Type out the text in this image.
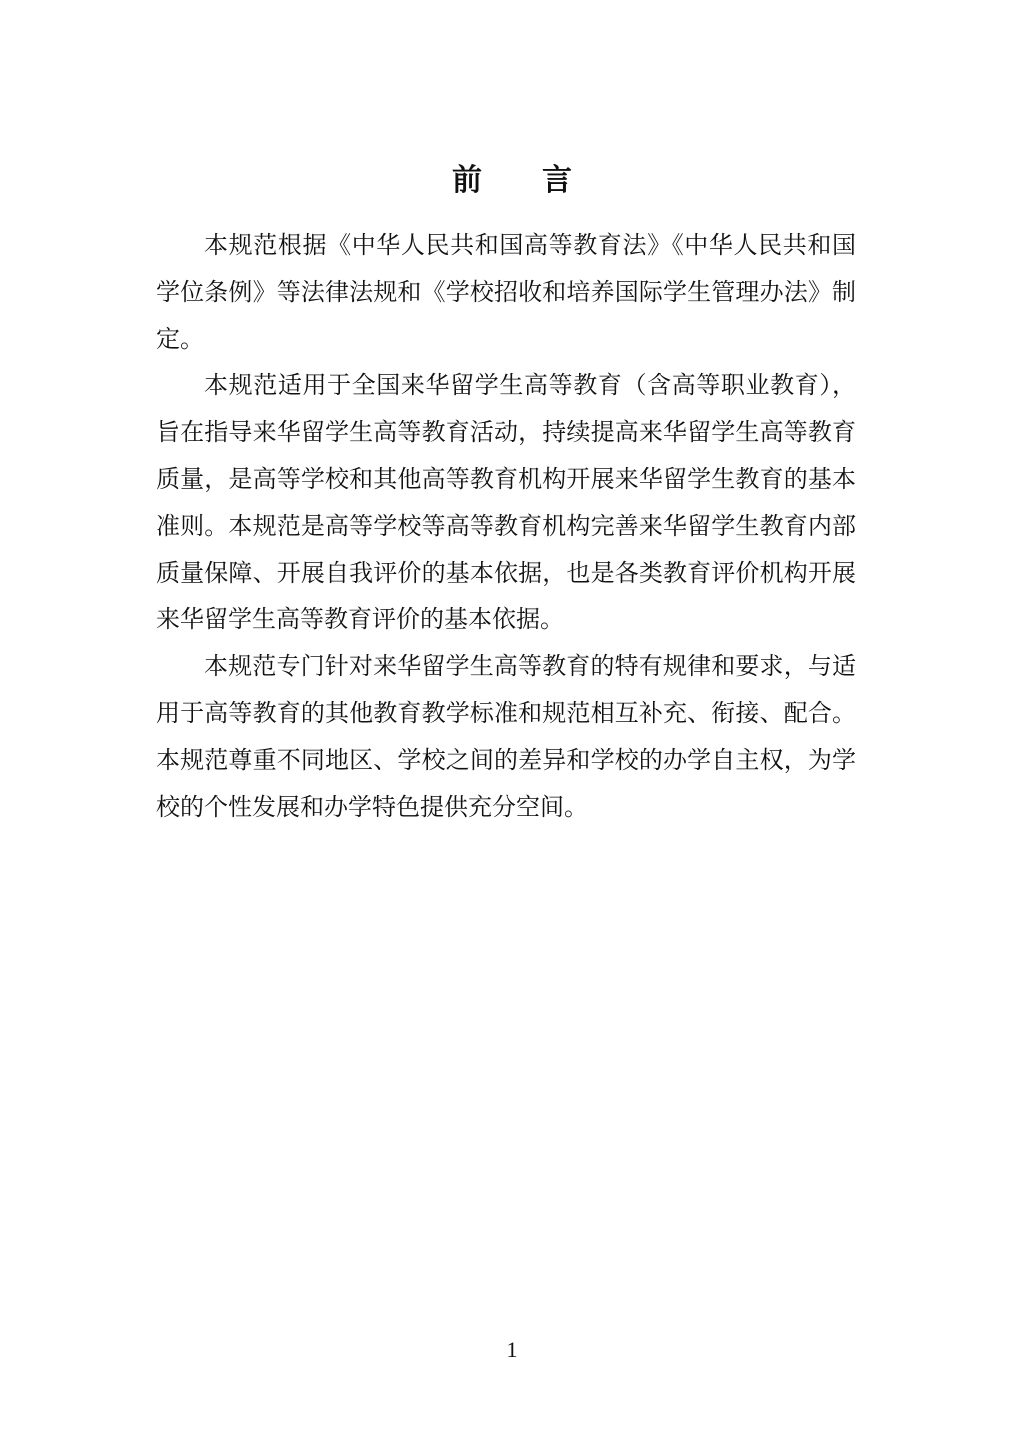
前言

本规范根据《中华人民共和国高等教育法》《中华人民共和国学位条例》等法律法规和《学校招收和培养国际学生管理办法》制定。

本规范适用于全国来华留学生高等教育（含高等职业教育），旨在指导来华留学生高等教育活动，持续提高来华留学生高等教育质量，是高等学校和其他高等教育机构开展来华留学生教育的基本准则。本规范是高等学校等高等教育机构完善来华留学生教育内部质量保障、开展自我评价的基本依据，也是各类教育评价机构开展来华留学生高等教育评价的基本依据。

本规范专门针对来华留学生高等教育的特有规律和要求，与适用于高等教育的其他教育教学标准和规范相互补充、衔接、配合。本规范尊重不同地区、学校之间的差异和学校的办学自主权，为学校的个性发展和办学特色提供充分空间。

1
